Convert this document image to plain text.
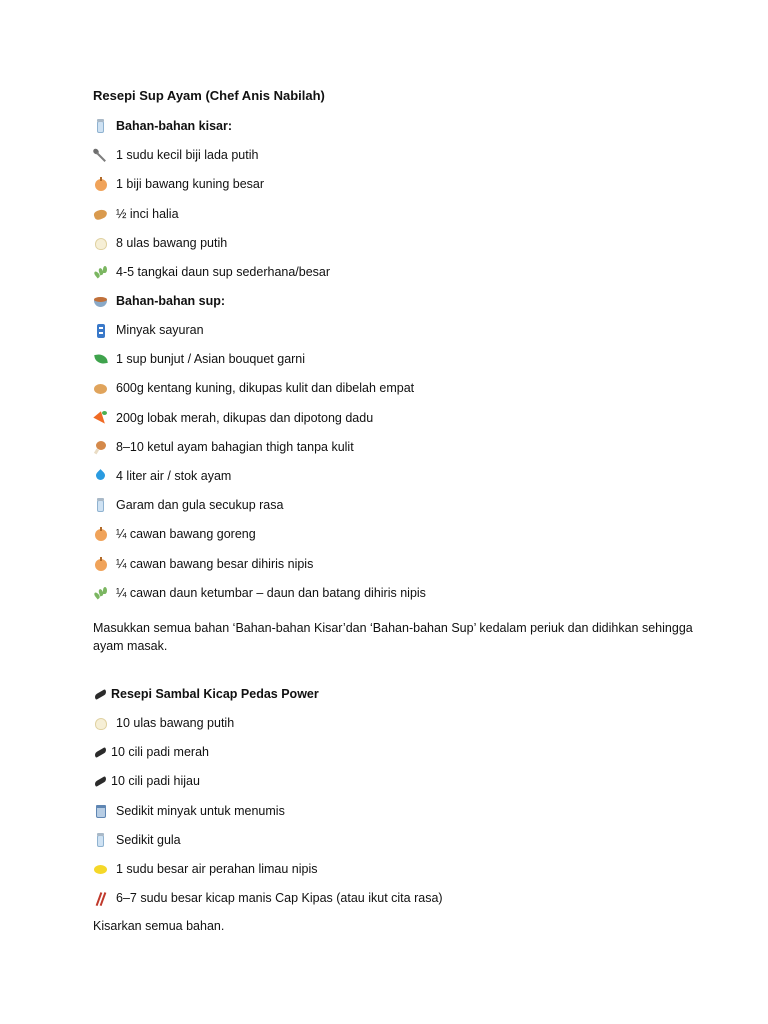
Resepi Sup Ayam (Chef Anis Nabilah)
Bahan-bahan kisar:
1 sudu kecil biji lada putih
1 biji bawang kuning besar
½ inci halia
8 ulas bawang putih
4-5 tangkai daun sup sederhana/besar
Bahan-bahan sup:
Minyak sayuran
1 sup bunjut / Asian bouquet garni
600g kentang kuning, dikupas kulit dan dibelah empat
200g lobak merah, dikupas dan dipotong dadu
8–10 ketul ayam bahagian thigh tanpa kulit
4 liter air / stok ayam
Garam dan gula secukup rasa
¼ cawan bawang goreng
¼ cawan bawang besar dihiris nipis
¼ cawan daun ketumbar – daun dan batang dihiris nipis
Masukkan semua bahan ‘Bahan-bahan Kisar’dan ‘Bahan-bahan Sup’ kedalam periuk dan didihkan sehingga ayam masak.
Resepi Sambal Kicap Pedas Power
10 ulas bawang putih
10 cili padi merah
10 cili padi hijau
Sedikit minyak untuk menumis
Sedikit gula
1 sudu besar air perahan limau nipis
6–7 sudu besar kicap manis Cap Kipas (atau ikut cita rasa)
Kisarkan semua bahan.
